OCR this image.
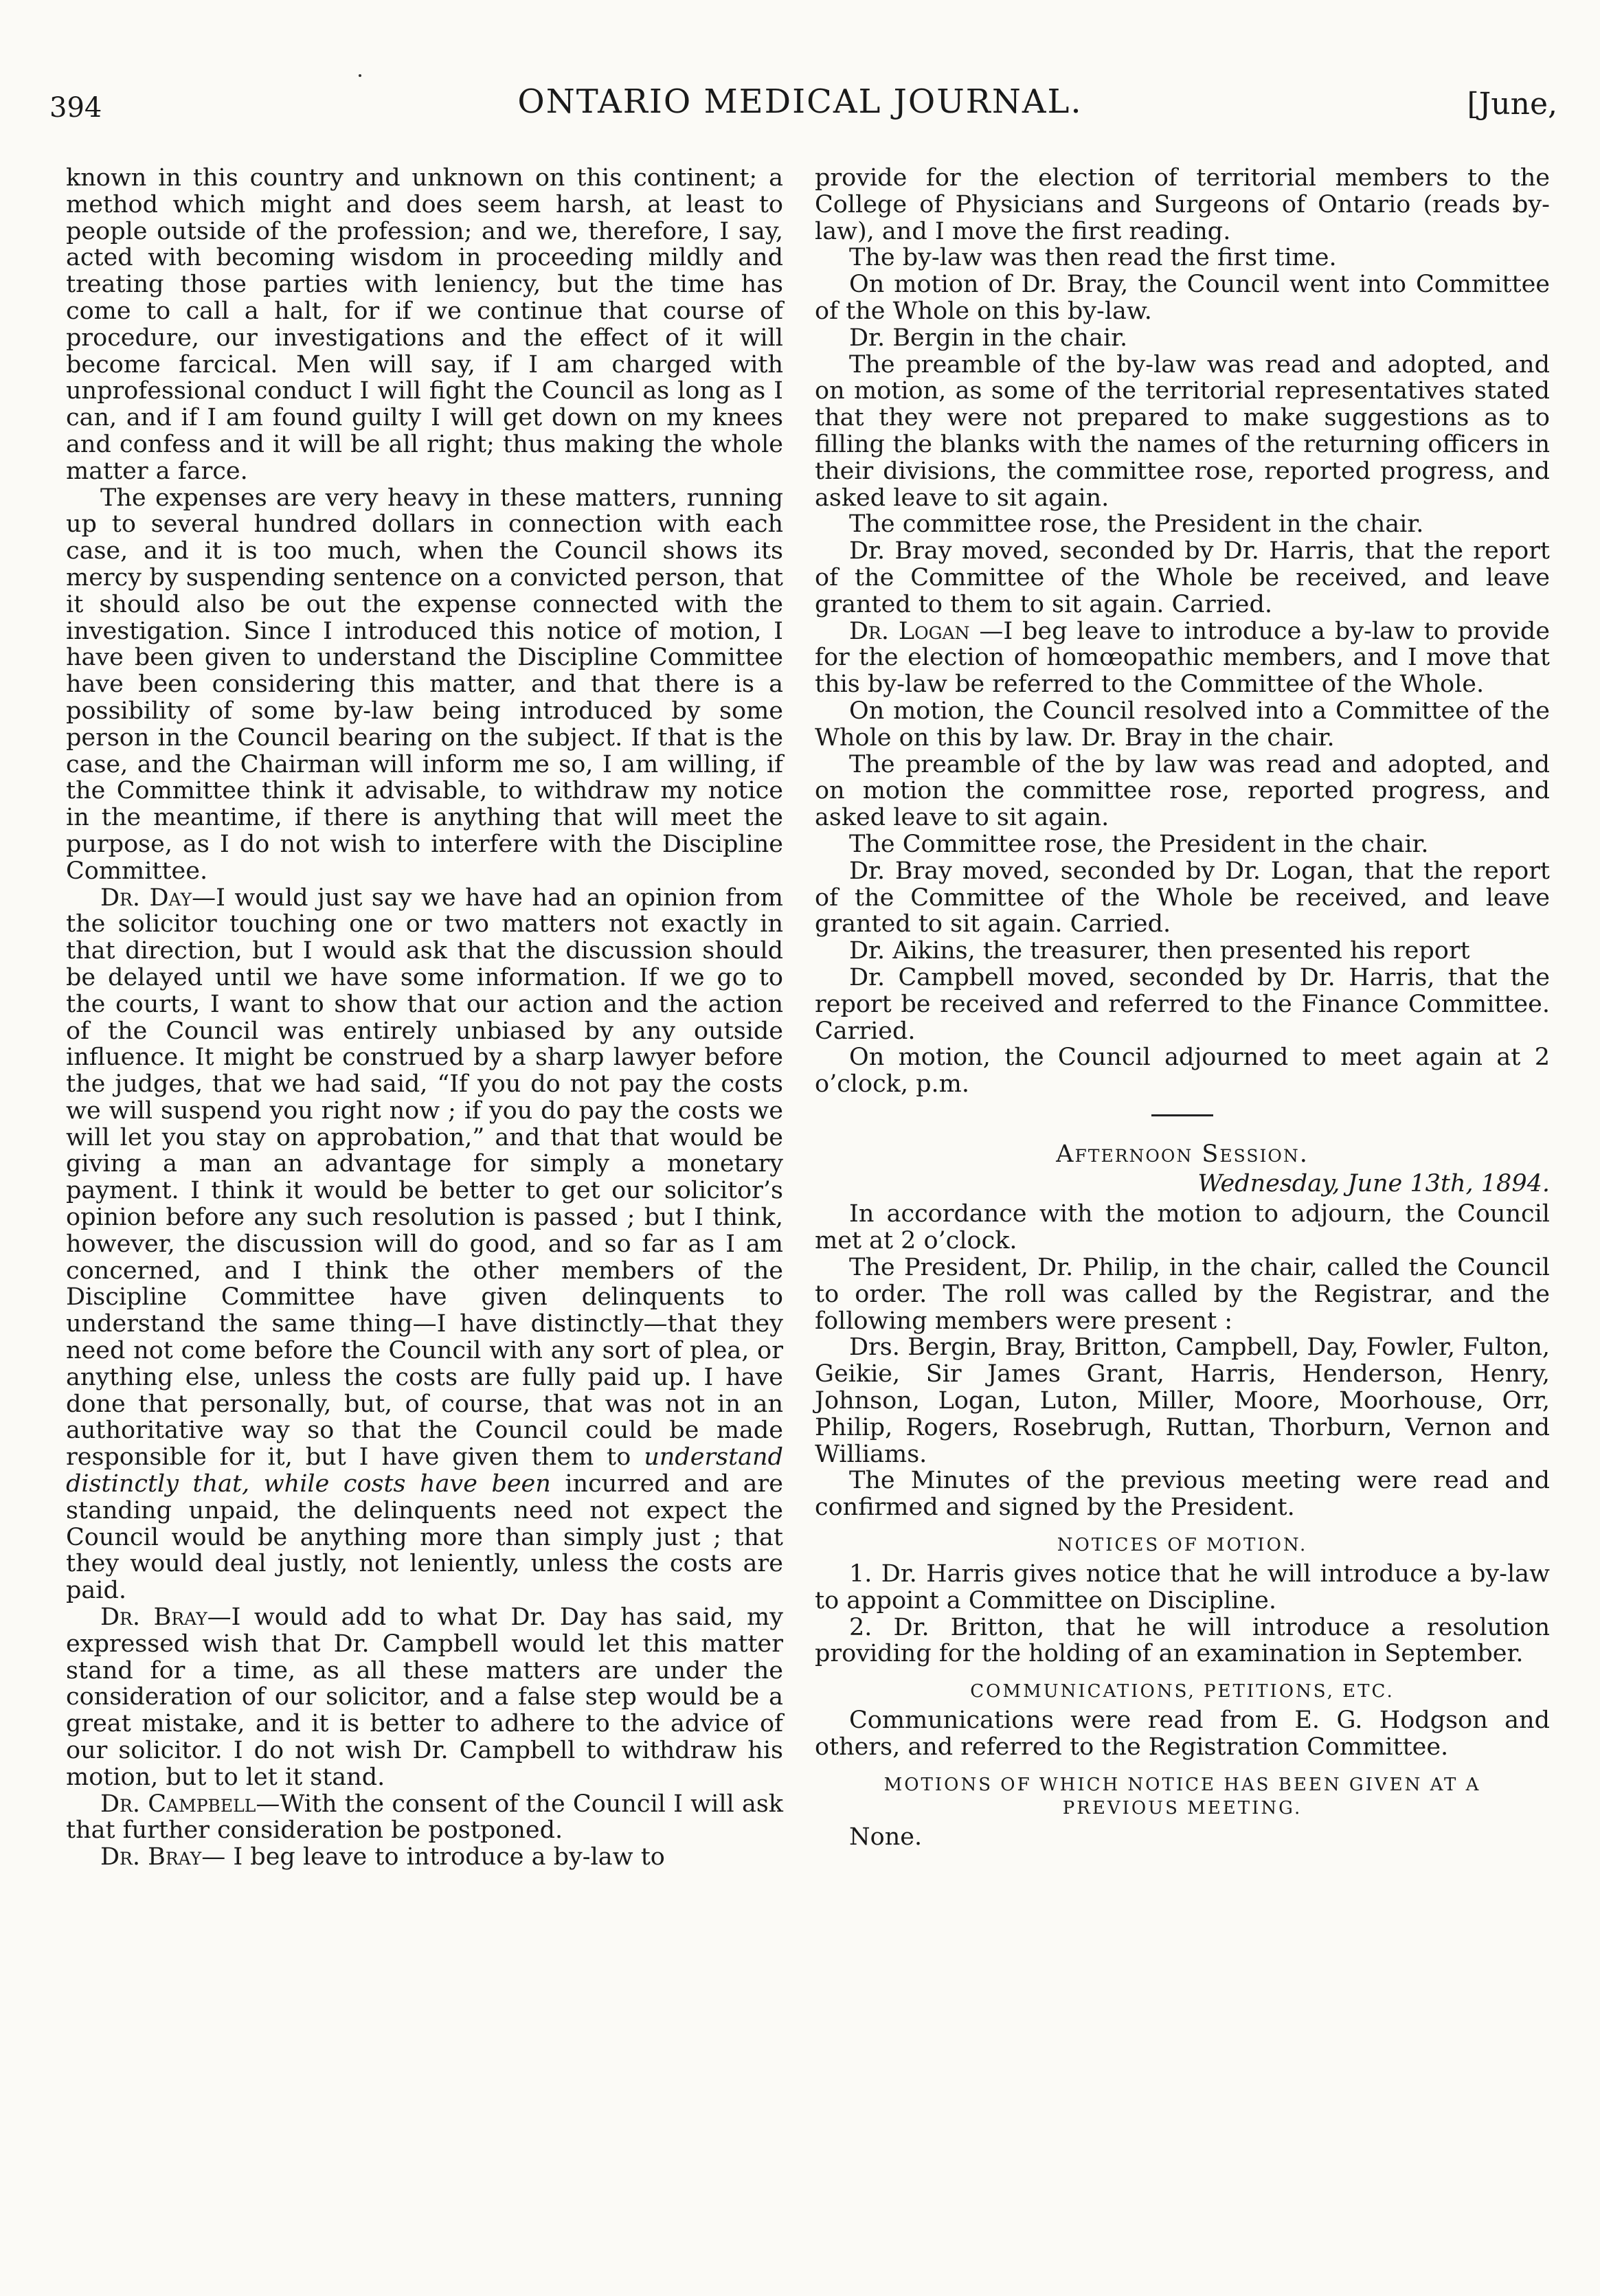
394	ONTARIO MEDICAL JOURNAL.	[June,

known in this country and unknown on this continent; a method which might and does seem harsh, at least to people outside of the profession; and we, therefore, I say, acted with becoming wisdom in proceeding mildly and treating those parties with leniency, but the time has come to call a halt, for if we continue that course of procedure, our investigations and the effect of it will become farcical. Men will say, if I am charged with unprofessional conduct I will fight the Council as long as I can, and if I am found guilty I will get down on my knees and confess and it will be all right; thus making the whole matter a farce.

The expenses are very heavy in these matters, running up to several hundred dollars in connection with each case, and it is too much, when the Council shows its mercy by suspending sentence on a convicted person, that it should also be out the expense connected with the investigation. Since I introduced this notice of motion, I have been given to understand the Discipline Committee have been considering this matter, and that there is a possibility of some by-law being introduced by some person in the Council bearing on the subject. If that is the case, and the Chairman will inform me so, I am willing, if the Committee think it advisable, to withdraw my notice in the meantime, if there is anything that will meet the purpose, as I do not wish to interfere with the Discipline Committee.

Dr. Day—I would just say we have had an opinion from the solicitor touching one or two matters not exactly in that direction, but I would ask that the discussion should be delayed until we have some information. If we go to the courts, I want to show that our action and the action of the Council was entirely unbiased by any outside influence. It might be construed by a sharp lawyer before the judges, that we had said, “If you do not pay the costs we will suspend you right now ; if you do pay the costs we will let you stay on approbation,” and that that would be giving a man an advantage for simply a monetary payment. I think it would be better to get our solicitor’s opinion before any such resolution is passed ; but I think, however, the discussion will do good, and so far as I am concerned, and I think the other members of the Discipline Committee have given delinquents to understand the same thing—I have distinctly—that they need not come before the Council with any sort of plea, or anything else, unless the costs are fully paid up. I have done that personally, but, of course, that was not in an authoritative way so that the Council could be made responsible for it, but I have given them to understand distinctly that, while costs have been incurred and are standing unpaid, the delinquents need not expect the Council would be anything more than simply just ; that they would deal justly, not leniently, unless the costs are paid.

Dr. Bray—I would add to what Dr. Day has said, my expressed wish that Dr. Campbell would let this matter stand for a time, as all these matters are under the consideration of our solicitor, and a false step would be a great mistake, and it is better to adhere to the advice of our solicitor. I do not wish Dr. Campbell to withdraw his motion, but to let it stand.

Dr. Campbell—With the consent of the Council I will ask that further consideration be postponed.

Dr. Bray— I beg leave to introduce a by-law to

provide for the election of territorial members to the College of Physicians and Surgeons of Ontario (reads by-law), and I move the first reading.

The by-law was then read the first time.

On motion of Dr. Bray, the Council went into Committee of the Whole on this by-law.

Dr. Bergin in the chair.

The preamble of the by-law was read and adopted, and on motion, as some of the territorial representatives stated that they were not prepared to make suggestions as to filling the blanks with the names of the returning officers in their divisions, the committee rose, reported progress, and asked leave to sit again.

The committee rose, the President in the chair.

Dr. Bray moved, seconded by Dr. Harris, that the report of the Committee of the Whole be received, and leave granted to them to sit again. Carried.

Dr. Logan —I beg leave to introduce a by-law to provide for the election of homœopathic members, and I move that this by-law be referred to the Committee of the Whole.

On motion, the Council resolved into a Committee of the Whole on this by law. Dr. Bray in the chair.

The preamble of the by law was read and adopted, and on motion the committee rose, reported progress, and asked leave to sit again.

The Committee rose, the President in the chair.

Dr. Bray moved, seconded by Dr. Logan, that the report of the Committee of the Whole be received, and leave granted to sit again. Carried.

Dr. Aikins, the treasurer, then presented his report

Dr. Campbell moved, seconded by Dr. Harris, that the report be received and referred to the Finance Committee. Carried.

On motion, the Council adjourned to meet again at 2 o’clock, p.m.

Afternoon Session.
Wednesday, June 13th, 1894.

In accordance with the motion to adjourn, the Council met at 2 o’clock.

The President, Dr. Philip, in the chair, called the Council to order. The roll was called by the Registrar, and the following members were present :

Drs. Bergin, Bray, Britton, Campbell, Day, Fowler, Fulton, Geikie, Sir James Grant, Harris, Henderson, Henry, Johnson, Logan, Luton, Miller, Moore, Moorhouse, Orr, Philip, Rogers, Rosebrugh, Ruttan, Thorburn, Vernon and Williams.

The Minutes of the previous meeting were read and confirmed and signed by the President.

NOTICES OF MOTION.

1. Dr. Harris gives notice that he will introduce a by-law to appoint a Committee on Discipline.

2. Dr. Britton, that he will introduce a resolution providing for the holding of an examination in September.

COMMUNICATIONS, PETITIONS, ETC.

Communications were read from E. G. Hodgson and others, and referred to the Registration Committee.

MOTIONS OF WHICH NOTICE HAS BEEN GIVEN AT A PREVIOUS MEETING.

None.
